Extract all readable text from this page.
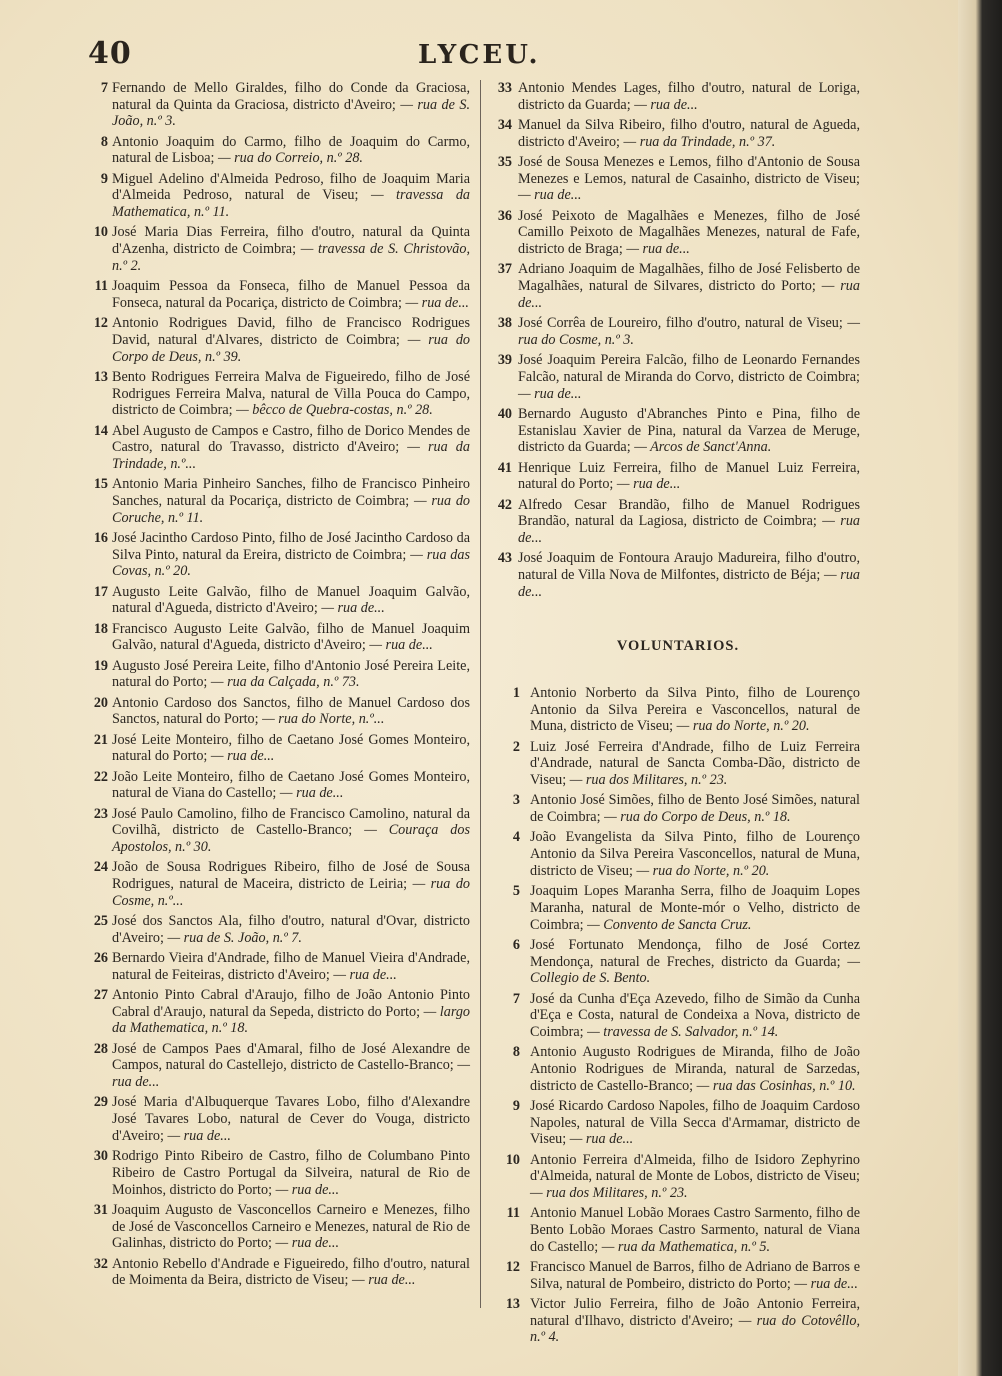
40	LYCEU.
7 Fernando de Mello Giraldes, filho do Conde da Graciosa, natural da Quinta da Graciosa, districto d'Aveiro; — rua de S. João, n.º 3.
8 Antonio Joaquim do Carmo, filho de Joaquim do Carmo, natural de Lisboa; — rua do Correio, n.º 28.
9 Miguel Adelino d'Almeida Pedroso, filho de Joaquim Maria d'Almeida Pedroso, natural de Viseu; — travessa da Mathematica, n.º 11.
10 José Maria Dias Ferreira, filho d'outro, natural da Quinta d'Azenha, districto de Coimbra; — travessa de S. Christovão, n.º 2.
11 Joaquim Pessoa da Fonseca, filho de Manuel Pessoa da Fonseca, natural da Pocariça, districto de Coimbra; — rua de...
12 Antonio Rodrigues David, filho de Francisco Rodrigues David, natural d'Alvares, districto de Coimbra; — rua do Corpo de Deus, n.º 39.
13 Bento Rodrigues Ferreira Malva de Figueiredo, filho de José Rodrigues Ferreira Malva, natural de Villa Pouca do Campo, districto de Coimbra; — bêcco de Quebra-costas, n.º 28.
14 Abel Augusto de Campos e Castro, filho de Dorico Mendes de Castro, natural do Travasso, districto d'Aveiro; — rua da Trindade, n.º...
15 Antonio Maria Pinheiro Sanches, filho de Francisco Pinheiro Sanches, natural da Pocariça, districto de Coimbra; — rua do Coruche, n.º 11.
16 José Jacintho Cardoso Pinto, filho de José Jacintho Cardoso da Silva Pinto, natural da Ereira, districto de Coimbra; — rua das Covas, n.º 20.
17 Augusto Leite Galvão, filho de Manuel Joaquim Galvão, natural d'Agueda, districto d'Aveiro; — rua de...
18 Francisco Augusto Leite Galvão, filho de Manuel Joaquim Galvão, natural d'Agueda, districto d'Aveiro; — rua de...
19 Augusto José Pereira Leite, filho d'Antonio José Pereira Leite, natural do Porto; — rua da Calçada, n.º 73.
20 Antonio Cardoso dos Sanctos, filho de Manuel Cardoso dos Sanctos, natural do Porto; — rua do Norte, n.º...
21 José Leite Monteiro, filho de Caetano José Gomes Monteiro, natural do Porto; — rua de...
22 João Leite Monteiro, filho de Caetano José Gomes Monteiro, natural de Viana do Castello; — rua de...
23 José Paulo Camolino, filho de Francisco Camolino, natural da Covilhã, districto de Castello-Branco; — Couraça dos Apostolos, n.º 30.
24 João de Sousa Rodrigues Ribeiro, filho de José de Sousa Rodrigues, natural de Maceira, districto de Leiria; — rua do Cosme, n.º...
25 José dos Sanctos Ala, filho d'outro, natural d'Ovar, districto d'Aveiro; — rua de S. João, n.º 7.
26 Bernardo Vieira d'Andrade, filho de Manuel Vieira d'Andrade, natural de Feiteiras, districto d'Aveiro; — rua de...
27 Antonio Pinto Cabral d'Araujo, filho de João Antonio Pinto Cabral d'Araujo, natural da Sepeda, districto do Porto; — largo da Mathematica, n.º 18.
28 José de Campos Paes d'Amaral, filho de José Alexandre de Campos, natural do Castellejo, districto de Castello-Branco; — rua de...
29 José Maria d'Albuquerque Tavares Lobo, filho d'Alexandre José Tavares Lobo, natural de Cever do Vouga, districto d'Aveiro; — rua de...
30 Rodrigo Pinto Ribeiro de Castro, filho de Columbano Pinto Ribeiro de Castro Portugal da Silveira, natural de Rio de Moinhos, districto do Porto; — rua de...
31 Joaquim Augusto de Vasconcellos Carneiro e Menezes, filho de José de Vasconcellos Carneiro e Menezes, natural de Rio de Galinhas, districto do Porto; — rua de...
32 Antonio Rebello d'Andrade e Figueiredo, filho d'outro, natural de Moimenta da Beira, districto de Viseu; — rua de...
33 Antonio Mendes Lages, filho d'outro, natural de Loriga, districto da Guarda; — rua de...
34 Manuel da Silva Ribeiro, filho d'outro, natural de Agueda, districto d'Aveiro; — rua da Trindade, n.º 37.
35 José de Sousa Menezes e Lemos, filho d'Antonio de Sousa Menezes e Lemos, natural de Casainho, districto de Viseu; — rua de...
36 José Peixoto de Magalhães e Menezes, filho de José Camillo Peixoto de Magalhães Menezes, natural de Fafe, districto de Braga; — rua de...
37 Adriano Joaquim de Magalhães, filho de José Felisberto de Magalhães, natural de Silvares, districto do Porto; — rua de...
38 José Corrêa de Loureiro, filho d'outro, natural de Viseu; — rua do Cosme, n.º 3.
39 José Joaquim Pereira Falcão, filho de Leonardo Fernandes Falcão, natural de Miranda do Corvo, districto de Coimbra; — rua de...
40 Bernardo Augusto d'Abranches Pinto e Pina, filho de Estanislau Xavier de Pina, natural da Varzea de Meruge, districto da Guarda; — Arcos de Sanct'Anna.
41 Henrique Luiz Ferreira, filho de Manuel Luiz Ferreira, natural do Porto; — rua de...
42 Alfredo Cesar Brandão, filho de Manuel Rodrigues Brandão, natural da Lagiosa, districto de Coimbra; — rua de...
43 José Joaquim de Fontoura Araujo Madureira, filho d'outro, natural de Villa Nova de Milfontes, districto de Béja; — rua de...
VOLUNTARIOS.
1 Antonio Norberto da Silva Pinto, filho de Lourenço Antonio da Silva Pereira e Vasconcellos, natural de Muna, districto de Viseu; — rua do Norte, n.º 20.
2 Luiz José Ferreira d'Andrade, filho de Luiz Ferreira d'Andrade, natural de Sancta Comba-Dão, districto de Viseu; — rua dos Militares, n.º 23.
3 Antonio José Simões, filho de Bento José Simões, natural de Coimbra; — rua do Corpo de Deus, n.º 18.
4 João Evangelista da Silva Pinto, filho de Lourenço Antonio da Silva Pereira Vasconcellos, natural de Muna, districto de Viseu; — rua do Norte, n.º 20.
5 Joaquim Lopes Maranha Serra, filho de Joaquim Lopes Maranha, natural de Monte-mór o Velho, districto de Coimbra; — Convento de Sancta Cruz.
6 José Fortunato Mendonça, filho de José Cortez Mendonça, natural de Freches, districto da Guarda; — Collegio de S. Bento.
7 José da Cunha d'Eça Azevedo, filho de Simão da Cunha d'Eça e Costa, natural de Condeixa a Nova, districto de Coimbra; — travessa de S. Salvador, n.º 14.
8 Antonio Augusto Rodrigues de Miranda, filho de João Antonio Rodrigues de Miranda, natural de Sarzedas, districto de Castello-Branco; — rua das Cosinhas, n.º 10.
9 José Ricardo Cardoso Napoles, filho de Joaquim Cardoso Napoles, natural de Villa Secca d'Armamar, districto de Viseu; — rua de...
10 Antonio Ferreira d'Almeida, filho de Isidoro Zephyrino d'Almeida, natural de Monte de Lobos, districto de Viseu; — rua dos Militares, n.º 23.
11 Antonio Manuel Lobão Moraes Castro Sarmento, filho de Bento Lobão Moraes Castro Sarmento, natural de Viana do Castello; — rua da Mathematica, n.º 5.
12 Francisco Manuel de Barros, filho de Adriano de Barros e Silva, natural de Pombeiro, districto do Porto; — rua de...
13 Victor Julio Ferreira, filho de João Antonio Ferreira, natural d'Ilhavo, districto d'Aveiro; — rua do Cotovêllo, n.º 4.
